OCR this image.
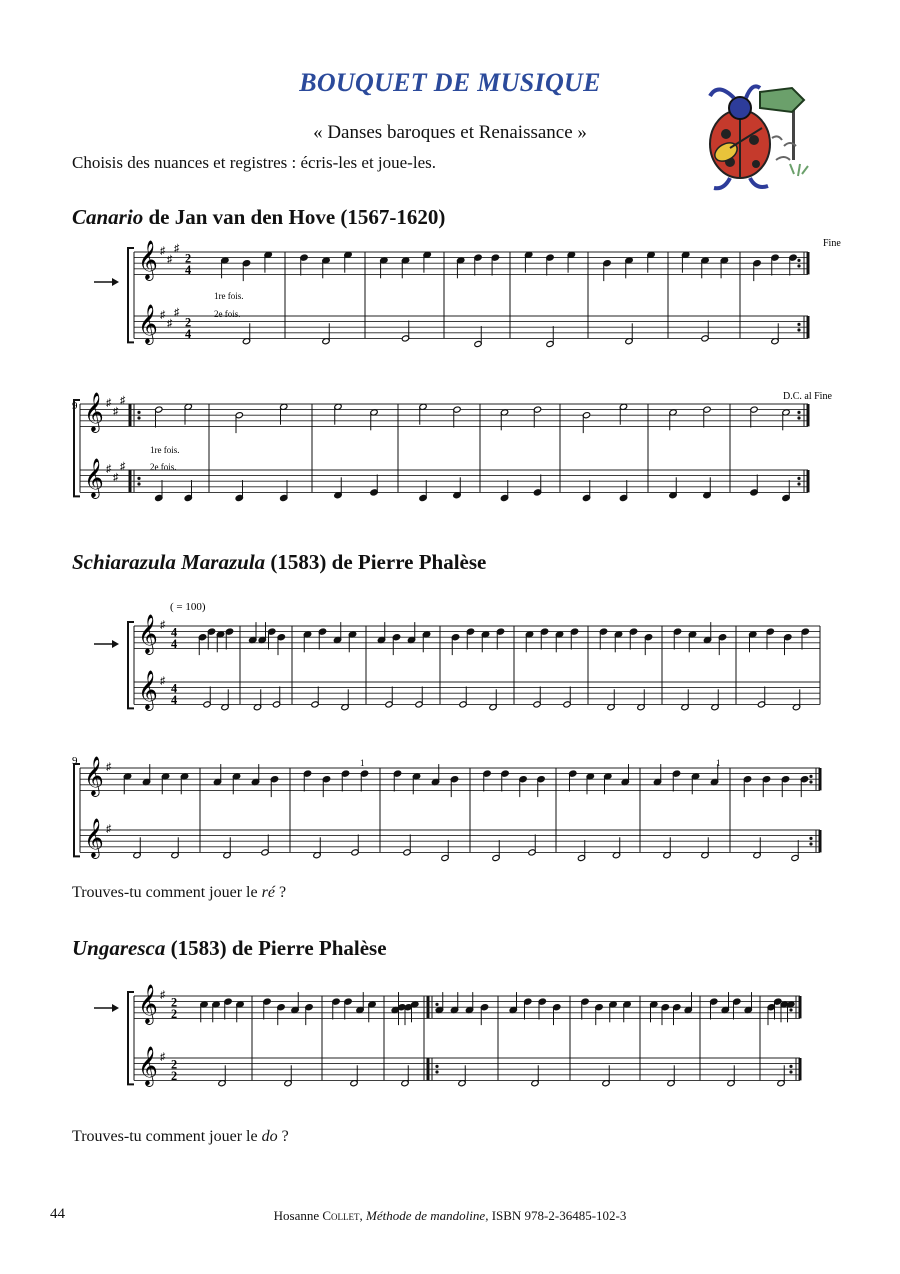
BOUQUET DE MUSIQUE
« Danses baroques et Renaissance »
Choisis des nuances et registres : écris-les et joue-les.
Canario de Jan van den Hove (1567-1620)
Fine
D.C. al Fine
9
1re fois.
2e fois.
1re fois.
2e fois.
𝄞 ♯
♯
♯
2
4
𝄞 ♯
♯
♯
2
4
𝄞 ♯
♯
♯
𝄞 ♯
♯
♯
Schiarazula Marazula (1583) de Pierre Phalèse
( = 100)
9	1	1
𝄞 ♯ 4
4
𝄞 ♯ 4
4
𝄞 ♯
𝄞 ♯
Trouves-tu comment jouer le ré ?
Ungaresca (1583) de Pierre Phalèse
𝄞 ♯ 2
2
𝄞 ♯ 2
2
Trouves-tu comment jouer le do ?
44	Hosanne Collet, Méthode de mandoline, ISBN 978-2-36485-102-3
